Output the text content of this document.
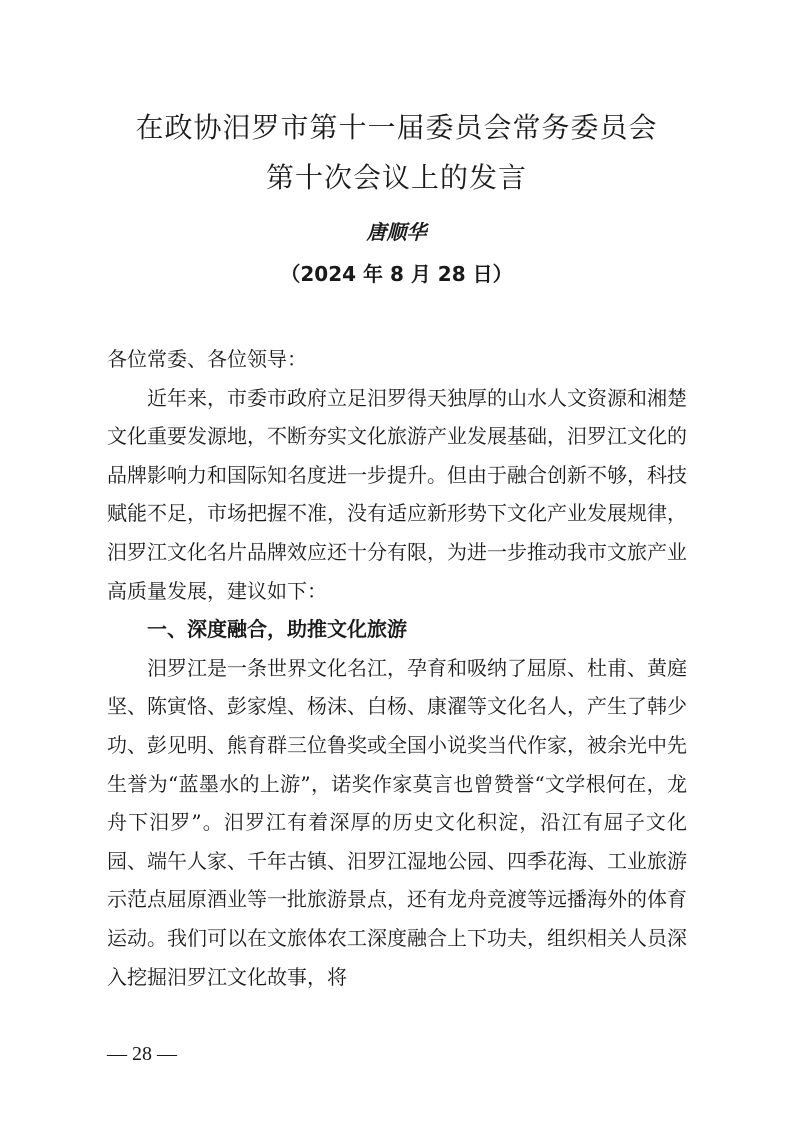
在政协汨罗市第十一届委员会常务委员会
第十次会议上的发言
唐顺华
（2024 年 8 月 28 日）

各位常委、各位领导：

近年来，市委市政府立足汨罗得天独厚的山水人文资源和湘楚文化重要发源地，不断夯实文化旅游产业发展基础，汨罗江文化的品牌影响力和国际知名度进一步提升。但由于融合创新不够，科技赋能不足，市场把握不准，没有适应新形势下文化产业发展规律，汨罗江文化名片品牌效应还十分有限，为进一步推动我市文旅产业高质量发展，建议如下：

一、深度融合，助推文化旅游

汨罗江是一条世界文化名江，孕育和吸纳了屈原、杜甫、黄庭坚、陈寅恪、彭家煌、杨沫、白杨、康濯等文化名人，产生了韩少功、彭见明、熊育群三位鲁奖或全国小说奖当代作家，被余光中先生誉为“蓝墨水的上游”，诺奖作家莫言也曾赞誉“文学根何在，龙舟下汨罗”。汨罗江有着深厚的历史文化积淀，沿江有屈子文化园、端午人家、千年古镇、汨罗江湿地公园、四季花海、工业旅游示范点屈原酒业等一批旅游景点，还有龙舟竞渡等远播海外的体育运动。我们可以在文旅体农工深度融合上下功夫，组织相关人员深入挖掘汨罗江文化故事，将

— 28 —
